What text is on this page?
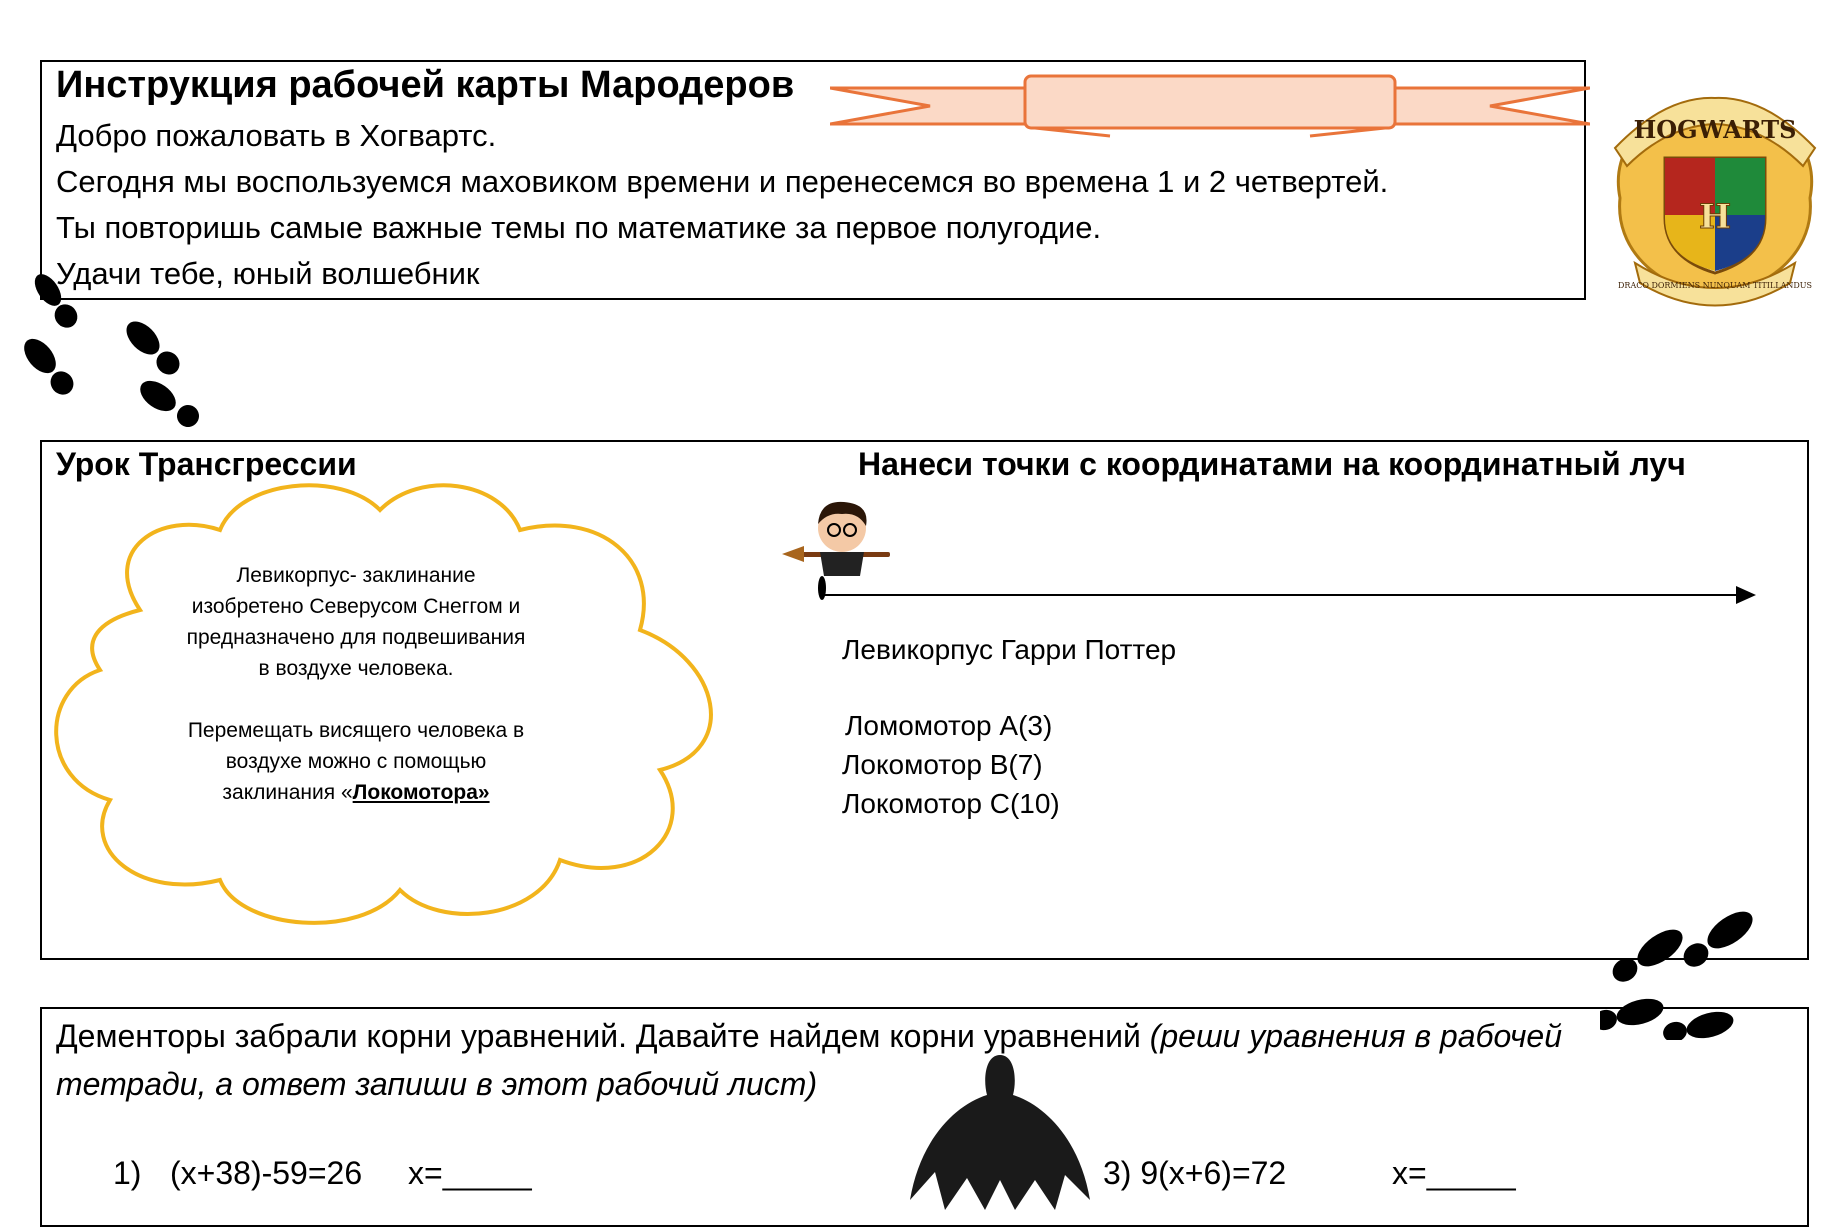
Инструкция рабочей карты Мародеров
Добро пожаловать в Хогвартс.
Сегодня мы воспользуемся маховиком времени и перенесемся во времена 1 и 2 четвертей.
Ты повторишь самые важные темы по математике за первое полугодие.
Удачи тебе, юный волшебник
HOGWARTS
H
DRACO DORMIENS NUNQUAM TITILLANDUS
Урок Трансгрессии	Нанеси точки с координатами на координатный луч

Левикорпус- заклинание

изобретено Северусом Снеггом и

предназначено для подвешивания

в воздухе человека.

Перемещать висящего человека в

воздухе можно с помощью

заклинания «Локомотора»

Левикорпус Гарри Поттер
Ломомотор А(3)
Локомотор В(7)
Локомотор С(10)
Дементоры забрали корни уравнений. Давайте найдем корни уравнений (реши уравнения в рабочей тетради, а ответ запиши в этот рабочий лист)
1) (x+38)-59=26 x=_____	3) 9(x+6)=72	x=_____
